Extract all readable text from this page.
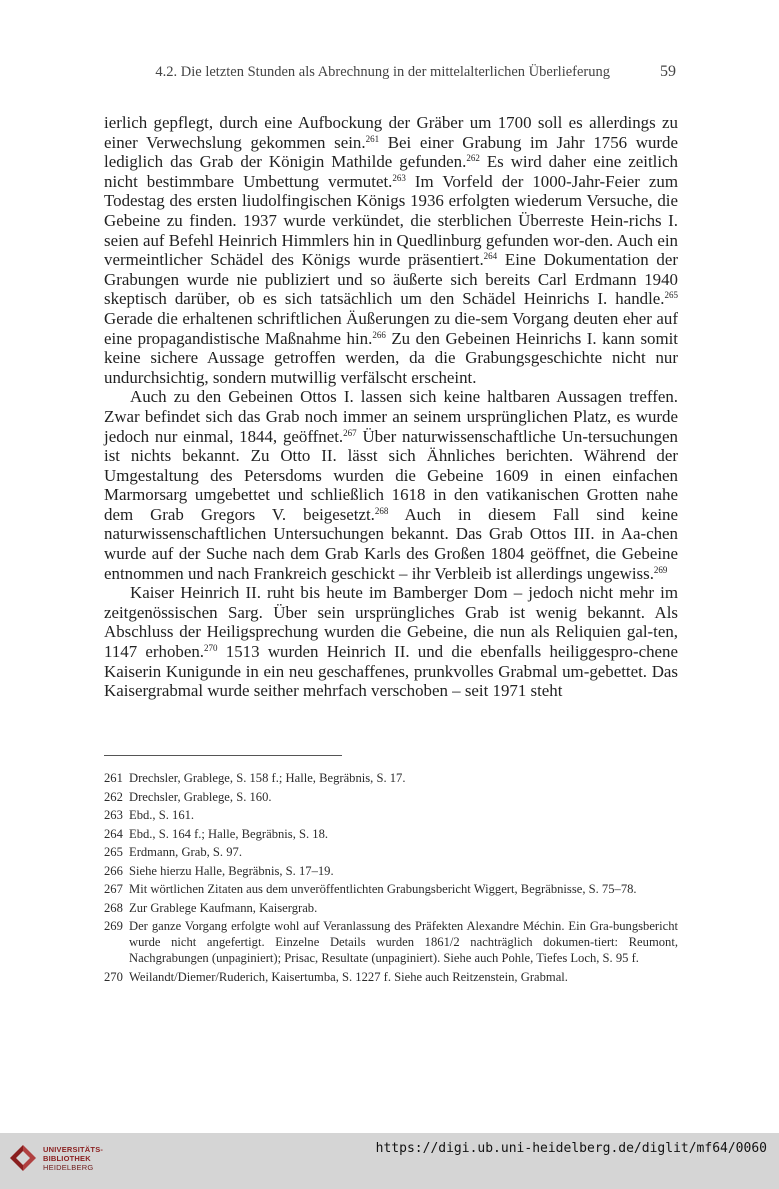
4.2. Die letzten Stunden als Abrechnung in der mittelalterlichen Überlieferung	59

ierlich gepflegt, durch eine Aufbockung der Gräber um 1700 soll es allerdings zu einer Verwechslung gekommen sein.$^{261}$ Bei einer Grabung im Jahr 1756 wurde lediglich das Grab der Königin Mathilde gefunden.$^{262}$ Es wird daher eine zeitlich nicht bestimmbare Umbettung vermutet.$^{263}$ Im Vorfeld der 1000-Jahr-Feier zum Todestag des ersten liudolfingischen Königs 1936 erfolgten wiederum Versuche, die Gebeine zu finden. 1937 wurde verkündet, die sterblichen Überreste Hein-richs I. seien auf Befehl Heinrich Himmlers hin in Quedlinburg gefunden wor-den. Auch ein vermeintlicher Schädel des Königs wurde präsentiert.$^{264}$ Eine Dokumentation der Grabungen wurde nie publiziert und so äußerte sich bereits Carl Erdmann 1940 skeptisch darüber, ob es sich tatsächlich um den Schädel Heinrichs I. handle.$^{265}$ Gerade die erhaltenen schriftlichen Äußerungen zu die-sem Vorgang deuten eher auf eine propagandistische Maßnahme hin.$^{266}$ Zu den Gebeinen Heinrichs I. kann somit keine sichere Aussage getroffen werden, da die Grabungsgeschichte nicht nur undurchsichtig, sondern mutwillig verfälscht erscheint.

Auch zu den Gebeinen Ottos I. lassen sich keine haltbaren Aussagen treffen. Zwar befindet sich das Grab noch immer an seinem ursprünglichen Platz, es wurde jedoch nur einmal, 1844, geöffnet.$^{267}$ Über naturwissenschaftliche Un-tersuchungen ist nichts bekannt. Zu Otto II. lässt sich Ähnliches berichten. Während der Umgestaltung des Petersdoms wurden die Gebeine 1609 in einen einfachen Marmorsarg umgebettet und schließlich 1618 in den vatikanischen Grotten nahe dem Grab Gregors V. beigesetzt.$^{268}$ Auch in diesem Fall sind keine naturwissenschaftlichen Untersuchungen bekannt. Das Grab Ottos III. in Aa-chen wurde auf der Suche nach dem Grab Karls des Großen 1804 geöffnet, die Gebeine entnommen und nach Frankreich geschickt – ihr Verbleib ist allerdings ungewiss.$^{269}$

Kaiser Heinrich II. ruht bis heute im Bamberger Dom – jedoch nicht mehr im zeitgenössischen Sarg. Über sein ursprüngliches Grab ist wenig bekannt. Als Abschluss der Heiligsprechung wurden die Gebeine, die nun als Reliquien gal-ten, 1147 erhoben.$^{270}$ 1513 wurden Heinrich II. und die ebenfalls heiliggespro-chene Kaiserin Kunigunde in ein neu geschaffenes, prunkvolles Grabmal um-gebettet. Das Kaisergrabmal wurde seither mehrfach verschoben – seit 1971 steht

261 Drechsler, Grablege, S. 158 f.; Halle, Begräbnis, S. 17.
262 Drechsler, Grablege, S. 160.
263 Ebd., S. 161.
264 Ebd., S. 164 f.; Halle, Begräbnis, S. 18.
265 Erdmann, Grab, S. 97.
266 Siehe hierzu Halle, Begräbnis, S. 17–19.
267 Mit wörtlichen Zitaten aus dem unveröffentlichten Grabungsbericht Wiggert, Begräbnisse, S. 75–78.
268 Zur Grablege Kaufmann, Kaisergrab.
269 Der ganze Vorgang erfolgte wohl auf Veranlassung des Präfekten Alexandre Méchin. Ein Gra-bungsbericht wurde nicht angefertigt. Einzelne Details wurden 1861/2 nachträglich dokumen-tiert: Reumont, Nachgrabungen (unpaginiert); Prisac, Resultate (unpaginiert). Siehe auch Pohle, Tiefes Loch, S. 95 f.
270 Weilandt/Diemer/Ruderich, Kaisertumba, S. 1227 f. Siehe auch Reitzenstein, Grabmal.
UNIVERSITÄTS-
BIBLIOTHEK
HEIDELBERG
https://digi.ub.uni-heidelberg.de/diglit/mf64/0060
